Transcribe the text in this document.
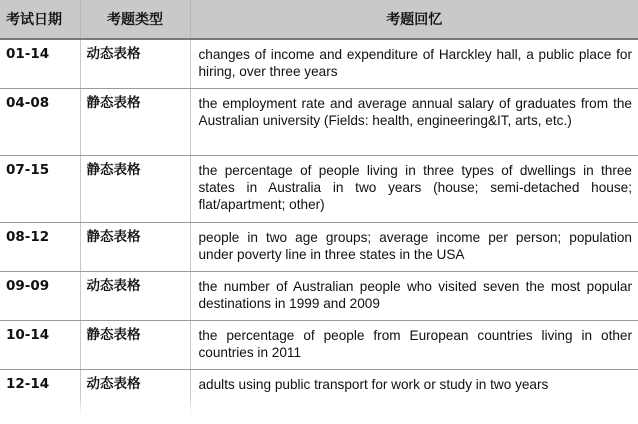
考试日期	考题类型	考题回忆
01-14	动态表格	changes of income and expenditure of Harckley hall, a public place for hiring, over three years
04-08	静态表格	the employment rate and average annual salary of graduates from the Australian university (Fields: health, engineering&IT, arts, etc.)
07-15	静态表格	the percentage of people living in three types of dwellings in three states in Australia in two years (house; semi-detached house; flat/apartment; other)
08-12	静态表格	people in two age groups; average income per person; population under poverty line in three states in the USA
09-09	动态表格	the number of Australian people who visited seven the most popular destinations in 1999 and 2009
10-14	静态表格	the percentage of people from European countries living in other countries in 2011
12-14	动态表格	adults using public transport for work or study in two years
